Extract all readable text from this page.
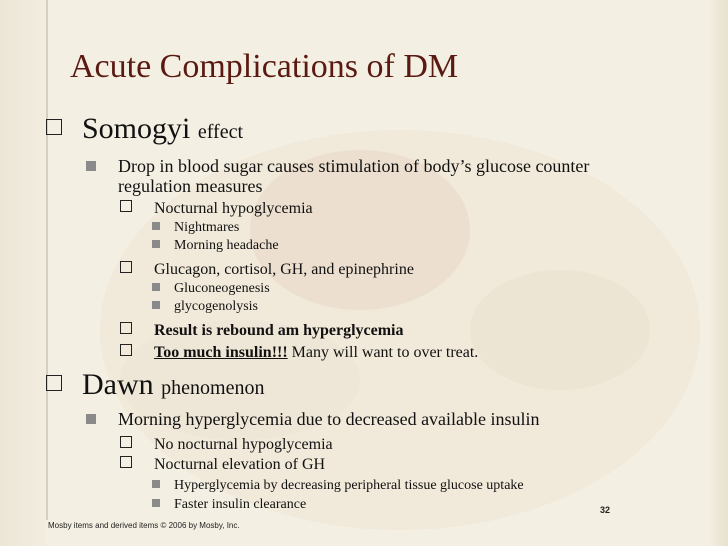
Acute Complications of DM
Somogyi effect
Drop in blood sugar causes stimulation of body’s glucose counter
regulation measures
Nocturnal hypoglycemia
Nightmares
Morning headache
Glucagon, cortisol, GH, and epinephrine
Gluconeogenesis
glycogenolysis
Result is rebound am hyperglycemia
Too much insulin!!! Many will want to over treat.
Dawn phenomenon
Morning hyperglycemia due to decreased available insulin
No nocturnal hypoglycemia
Nocturnal elevation of GH
Hyperglycemia by decreasing peripheral tissue glucose uptake
Faster insulin clearance	32
Mosby items and derived items © 2006 by Mosby, Inc.
